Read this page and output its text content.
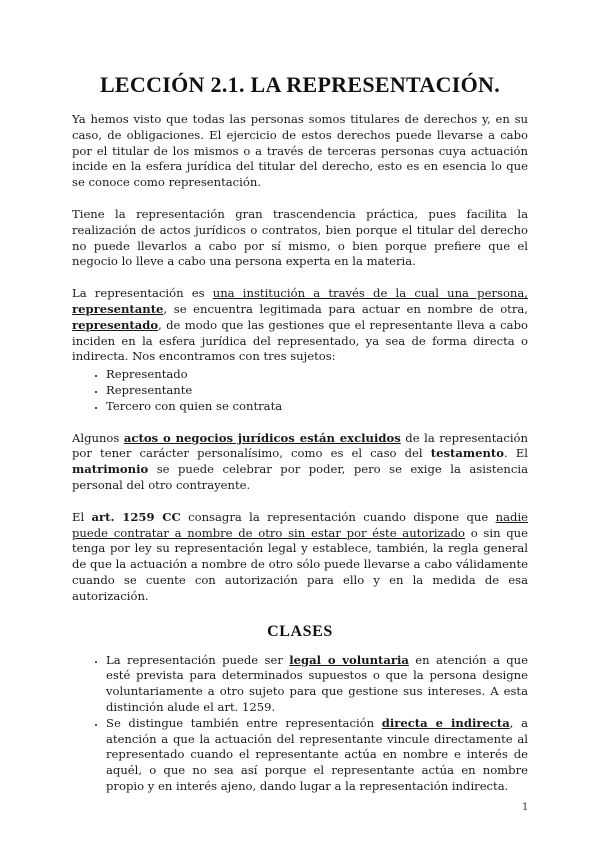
LECCIÓN 2.1. LA REPRESENTACIÓN.

Ya hemos visto que todas las personas somos titulares de derechos y, en su caso, de obligaciones. El ejercicio de estos derechos puede llevarse a cabo por el titular de los mismos o a través de terceras personas cuya actuación incide en la esfera jurídica del titular del derecho, esto es en esencia lo que se conoce como representación.

Tiene la representación gran trascendencia práctica, pues facilita la realización de actos jurídicos o contratos, bien porque el titular del derecho no puede llevarlos a cabo por sí mismo, o bien porque prefiere que el negocio lo lleve a cabo una persona experta en la materia.

La representación es una institución a través de la cual una persona, representante, se encuentra legitimada para actuar en nombre de otra, representado, de modo que las gestiones que el representante lleva a cabo inciden en la esfera jurídica del representado, ya sea de forma directa o indirecta. Nos encontramos con tres sujetos:

• Representado
• Representante
• Tercero con quien se contrata

Algunos actos o negocios jurídicos están excluidos de la representación por tener carácter personalísimo, como es el caso del testamento. El matrimonio se puede celebrar por poder, pero se exige la asistencia personal del otro contrayente.

El art. 1259 CC consagra la representación cuando dispone que nadie puede contratar a nombre de otro sin estar por éste autorizado o sin que tenga por ley su representación legal y establece, también, la regla general de que la actuación a nombre de otro sólo puede llevarse a cabo válidamente cuando se cuente con autorización para ello y en la medida de esa autorización.

CLASES
• La representación puede ser legal o voluntaria en atención a que esté prevista para determinados supuestos o que la persona designe voluntariamente a otro sujeto para que gestione sus intereses. A esta distinción alude el art. 1259.
• Se distingue también entre representación directa e indirecta, a atención a que la actuación del representante vincule directamente al representado cuando el representante actúa en nombre e interés de aquél, o que no sea así porque el representante actúa en nombre propio y en interés ajeno, dando lugar a la representación indirecta.
1
